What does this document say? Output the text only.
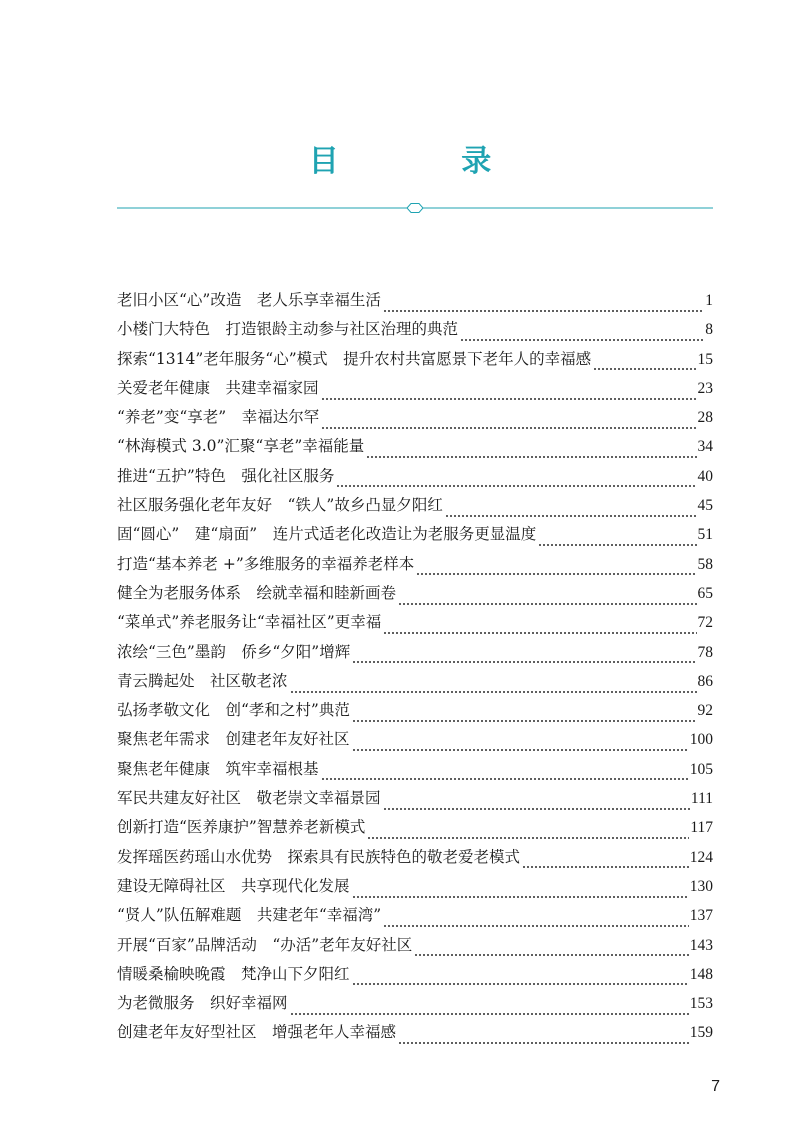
目 录
老旧小区“心”改造　老人乐享幸福生活	1
小楼门大特色　打造银龄主动参与社区治理的典范	8
探索“1314”老年服务“心”模式　提升农村共富愿景下老年人的幸福感	15
关爱老年健康　共建幸福家园	23
“养老”变“享老”　幸福达尔罕	28
“林海模式 3.0”汇聚“享老”幸福能量	34
推进“五护”特色　强化社区服务	40
社区服务强化老年友好　“铁人”故乡凸显夕阳红	45
固“圆心”　建“扇面”　连片式适老化改造让为老服务更显温度	51
打造“基本养老 +”多维服务的幸福养老样本	58
健全为老服务体系　绘就幸福和睦新画卷	65
“菜单式”养老服务让“幸福社区”更幸福	72
浓绘“三色”墨韵　侨乡“夕阳”增辉	78
青云腾起处　社区敬老浓	86
弘扬孝敬文化　创“孝和之村”典范	92
聚焦老年需求　创建老年友好社区	100
聚焦老年健康　筑牢幸福根基	105
军民共建友好社区　敬老崇文幸福景园	111
创新打造“医养康护”智慧养老新模式	117
发挥瑶医药瑶山水优势　探索具有民族特色的敬老爱老模式	124
建设无障碍社区　共享现代化发展	130
“贤人”队伍解难题　共建老年“幸福湾”	137
开展“百家”品牌活动　“办活”老年友好社区	143
情暖桑榆映晚霞　梵净山下夕阳红	148
为老微服务　织好幸福网	153
创建老年友好型社区　增强老年人幸福感	159
7
